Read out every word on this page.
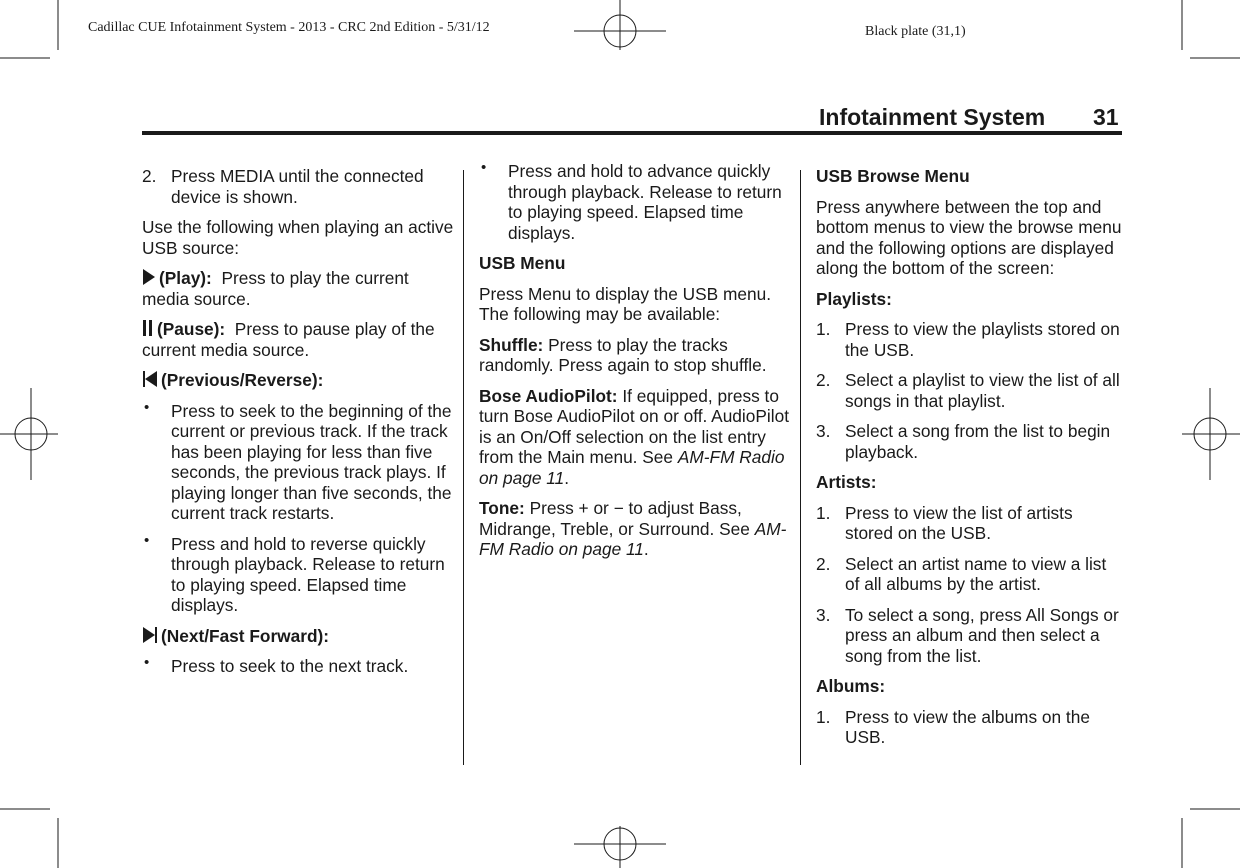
Cadillac CUE Infotainment System - 2013 - CRC 2nd Edition - 5/31/12	Black plate (31,1)
Infotainment System 31
2. Press MEDIA until the connected device is shown.

Use the following when playing an active USB source:

(Play): Press to play the current media source.

(Pause): Press to pause play of the current media source.

(Previous/Reverse):

• Press to seek to the beginning of the current or previous track. If the track has been playing for less than five seconds, the previous track plays. If playing longer than five seconds, the current track restarts.
• Press and hold to reverse quickly through playback. Release to return to playing speed. Elapsed time displays.

(Next/Fast Forward):

• Press to seek to the next track.
• Press and hold to advance quickly through playback. Release to return to playing speed. Elapsed time displays.

USB Menu

Press Menu to display the USB menu. The following may be available:

Shuffle: Press to play the tracks randomly. Press again to stop shuffle.

Bose AudioPilot: If equipped, press to turn Bose AudioPilot on or off. AudioPilot is an On/Off selection on the list entry from the Main menu. See AM-FM Radio on page 11.

Tone: Press + or − to adjust Bass, Midrange, Treble, or Surround. See AM-FM Radio on page 11.

USB Browse Menu

Press anywhere between the top and bottom menus to view the browse menu and the following options are displayed along the bottom of the screen:

Playlists:

1. Press to view the playlists stored on the USB.
2. Select a playlist to view the list of all songs in that playlist.
3. Select a song from the list to begin playback.

Artists:

1. Press to view the list of artists stored on the USB.
2. Select an artist name to view a list of all albums by the artist.
3. To select a song, press All Songs or press an album and then select a song from the list.

Albums:

1. Press to view the albums on the USB.
